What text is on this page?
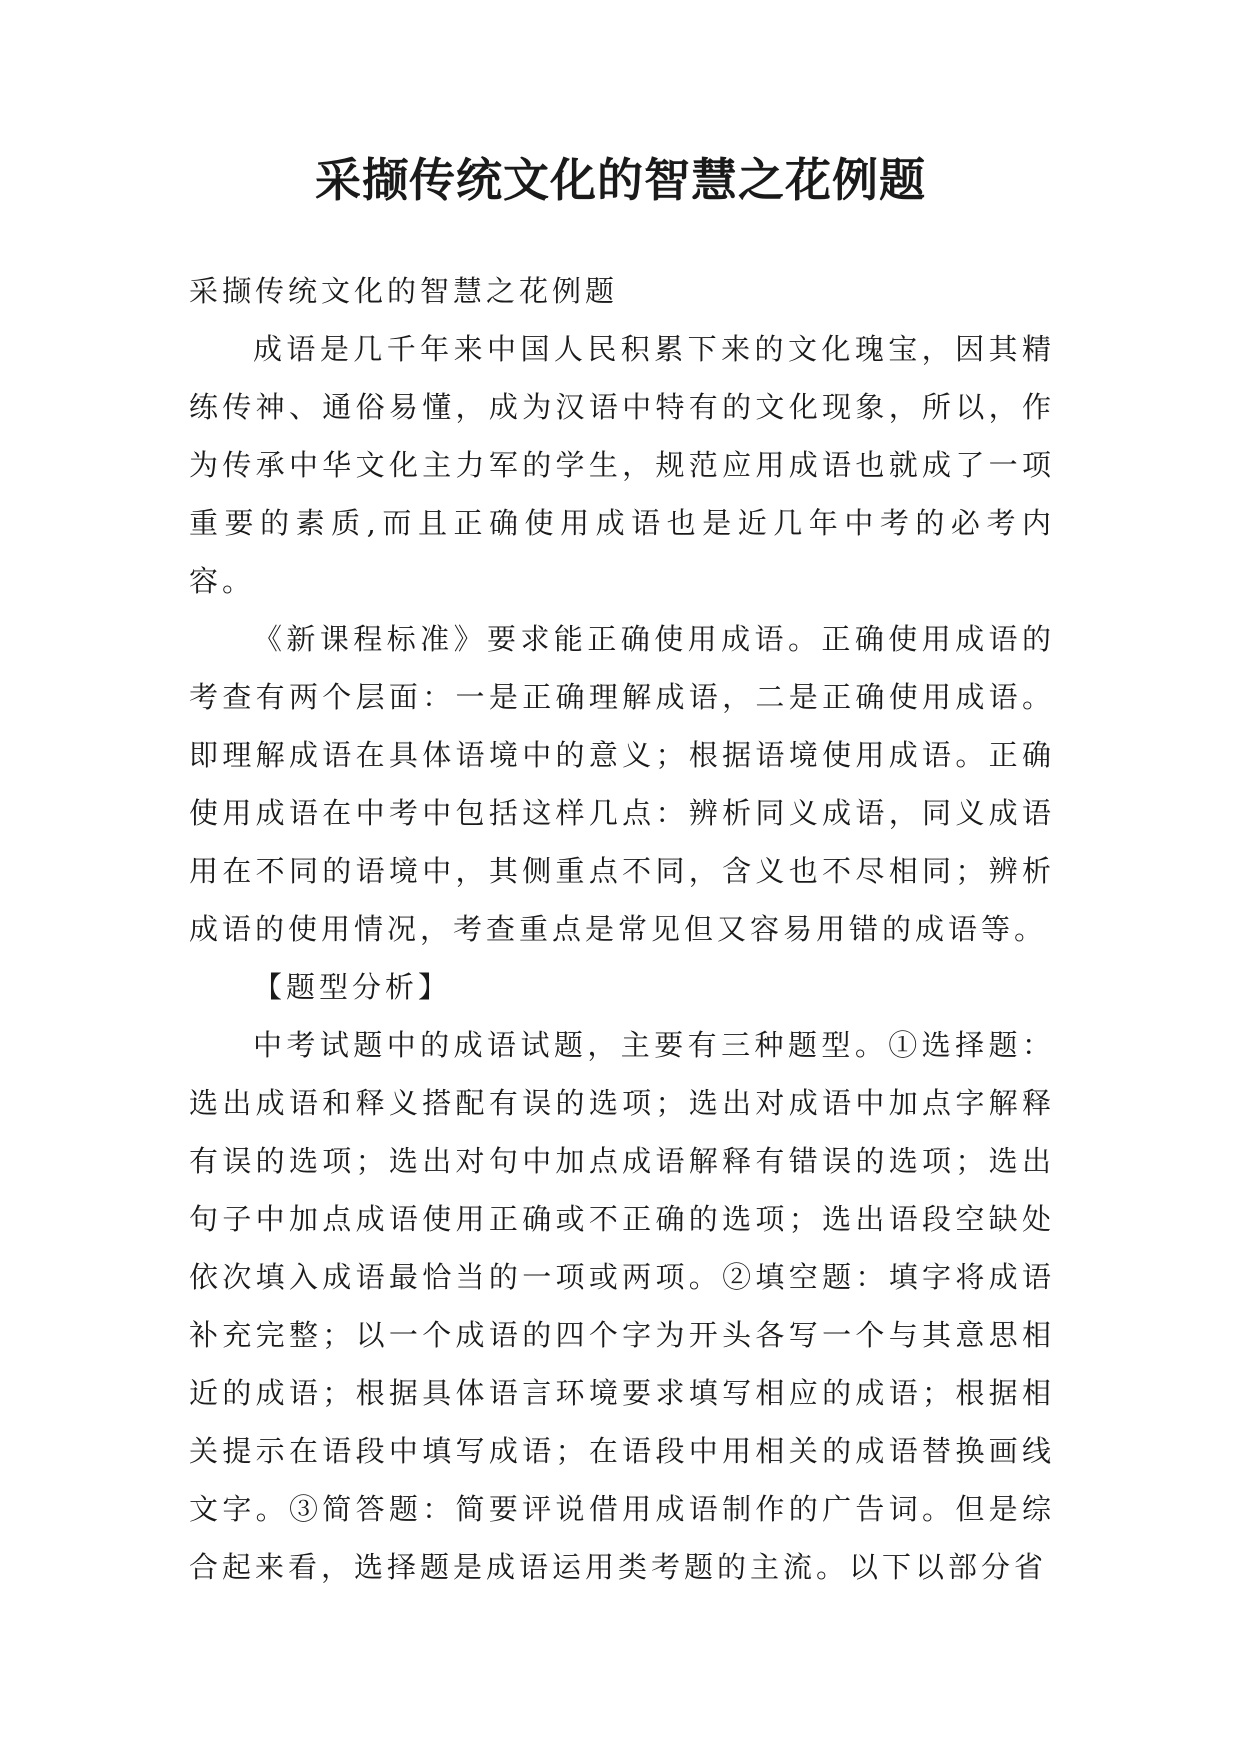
采撷传统文化的智慧之花例题

采撷传统文化的智慧之花例题

成语是几千年来中国人民积累下来的文化瑰宝，因其精练传神、通俗易懂，成为汉语中特有的文化现象，所以，作为传承中华文化主力军的学生，规范应用成语也就成了一项重要的素质,而且正确使用成语也是近几年中考的必考内容。

《新课程标准》要求能正确使用成语。正确使用成语的考查有两个层面：一是正确理解成语，二是正确使用成语。即理解成语在具体语境中的意义；根据语境使用成语。正确使用成语在中考中包括这样几点：辨析同义成语，同义成语用在不同的语境中，其侧重点不同，含义也不尽相同；辨析成语的使用情况，考查重点是常见但又容易用错的成语等。

【题型分析】

中考试题中的成语试题，主要有三种题型。①选择题：选出成语和释义搭配有误的选项；选出对成语中加点字解释有误的选项；选出对句中加点成语解释有错误的选项；选出句子中加点成语使用正确或不正确的选项；选出语段空缺处依次填入成语最恰当的一项或两项。②填空题：填字将成语补充完整；以一个成语的四个字为开头各写一个与其意思相近的成语；根据具体语言环境要求填写相应的成语；根据相关提示在语段中填写成语；在语段中用相关的成语替换画线文字。③简答题：简要评说借用成语制作的广告词。但是综合起来看，选择题是成语运用类考题的主流。以下以部分省
